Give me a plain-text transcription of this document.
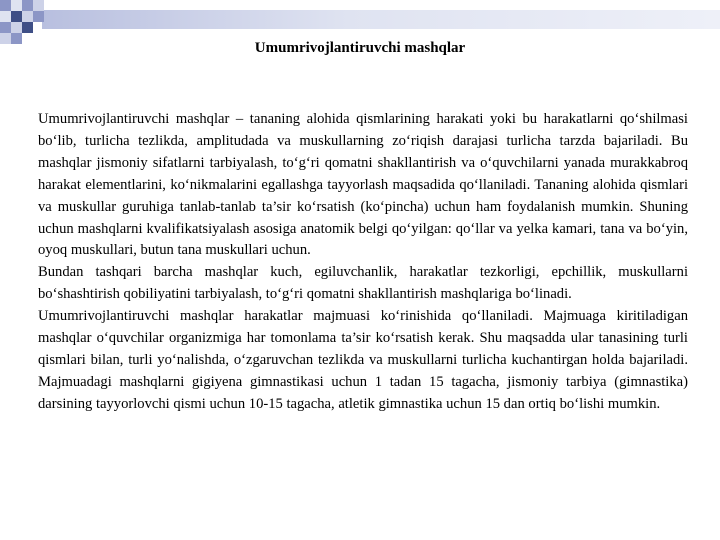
Umumrivojlantiruvchi mashqlar

Umumrivojlantiruvchi mashqlar – tananing alohida qismlarining harakati yoki bu harakatlarni qo‘shilmasi bo‘lib, turlicha tezlikda, amplitudada va muskullarning zo‘riqish darajasi turlicha tarzda bajariladi. Bu mashqlar jismoniy sifatlarni tarbiyalash, to‘g‘ri qomatni shakllantirish va o‘quvchilarni yanada murakkabroq harakat elementlarini, ko‘nikmalarini egallashga tayyorlash maqsadida qo‘llaniladi. Tananing alohida qismlari va muskullar guruhiga tanlab-tanlab ta’sir ko‘rsatish (ko‘pincha) uchun ham foydalanish mumkin. Shuning uchun mashqlarni kvalifikatsiyalash asosiga anatomik belgi qo‘yilgan: qo‘llar va yelka kamari, tana va bo‘yin, oyoq muskullari, butun tana muskullari uchun.

Bundan tashqari barcha mashqlar kuch, egiluvchanlik, harakatlar tezkorligi, epchillik, muskullarni bo‘shashtirish qobiliyatini tarbiyalash, to‘g‘ri qomatni shakllantirish mashqlariga bo‘linadi.

Umumrivojlantiruvchi mashqlar harakatlar majmuasi ko‘rinishida qo‘llaniladi. Majmuaga kiritiladigan mashqlar o‘quvchilar organizmiga har tomonlama ta’sir ko‘rsatish kerak. Shu maqsadda ular tanasining turli qismlari bilan, turli yo‘nalishda, o‘zgaruvchan tezlikda va muskullarni turlicha kuchantirgan holda bajariladi. Majmuadagi mashqlarni gigiyena gimnastikasi uchun 1 tadan 15 tagacha, jismoniy tarbiya (gimnastika) darsining tayyorlovchi qismi uchun 10-15 tagacha, atletik gimnastika uchun 15 dan ortiq bo‘lishi mumkin.
